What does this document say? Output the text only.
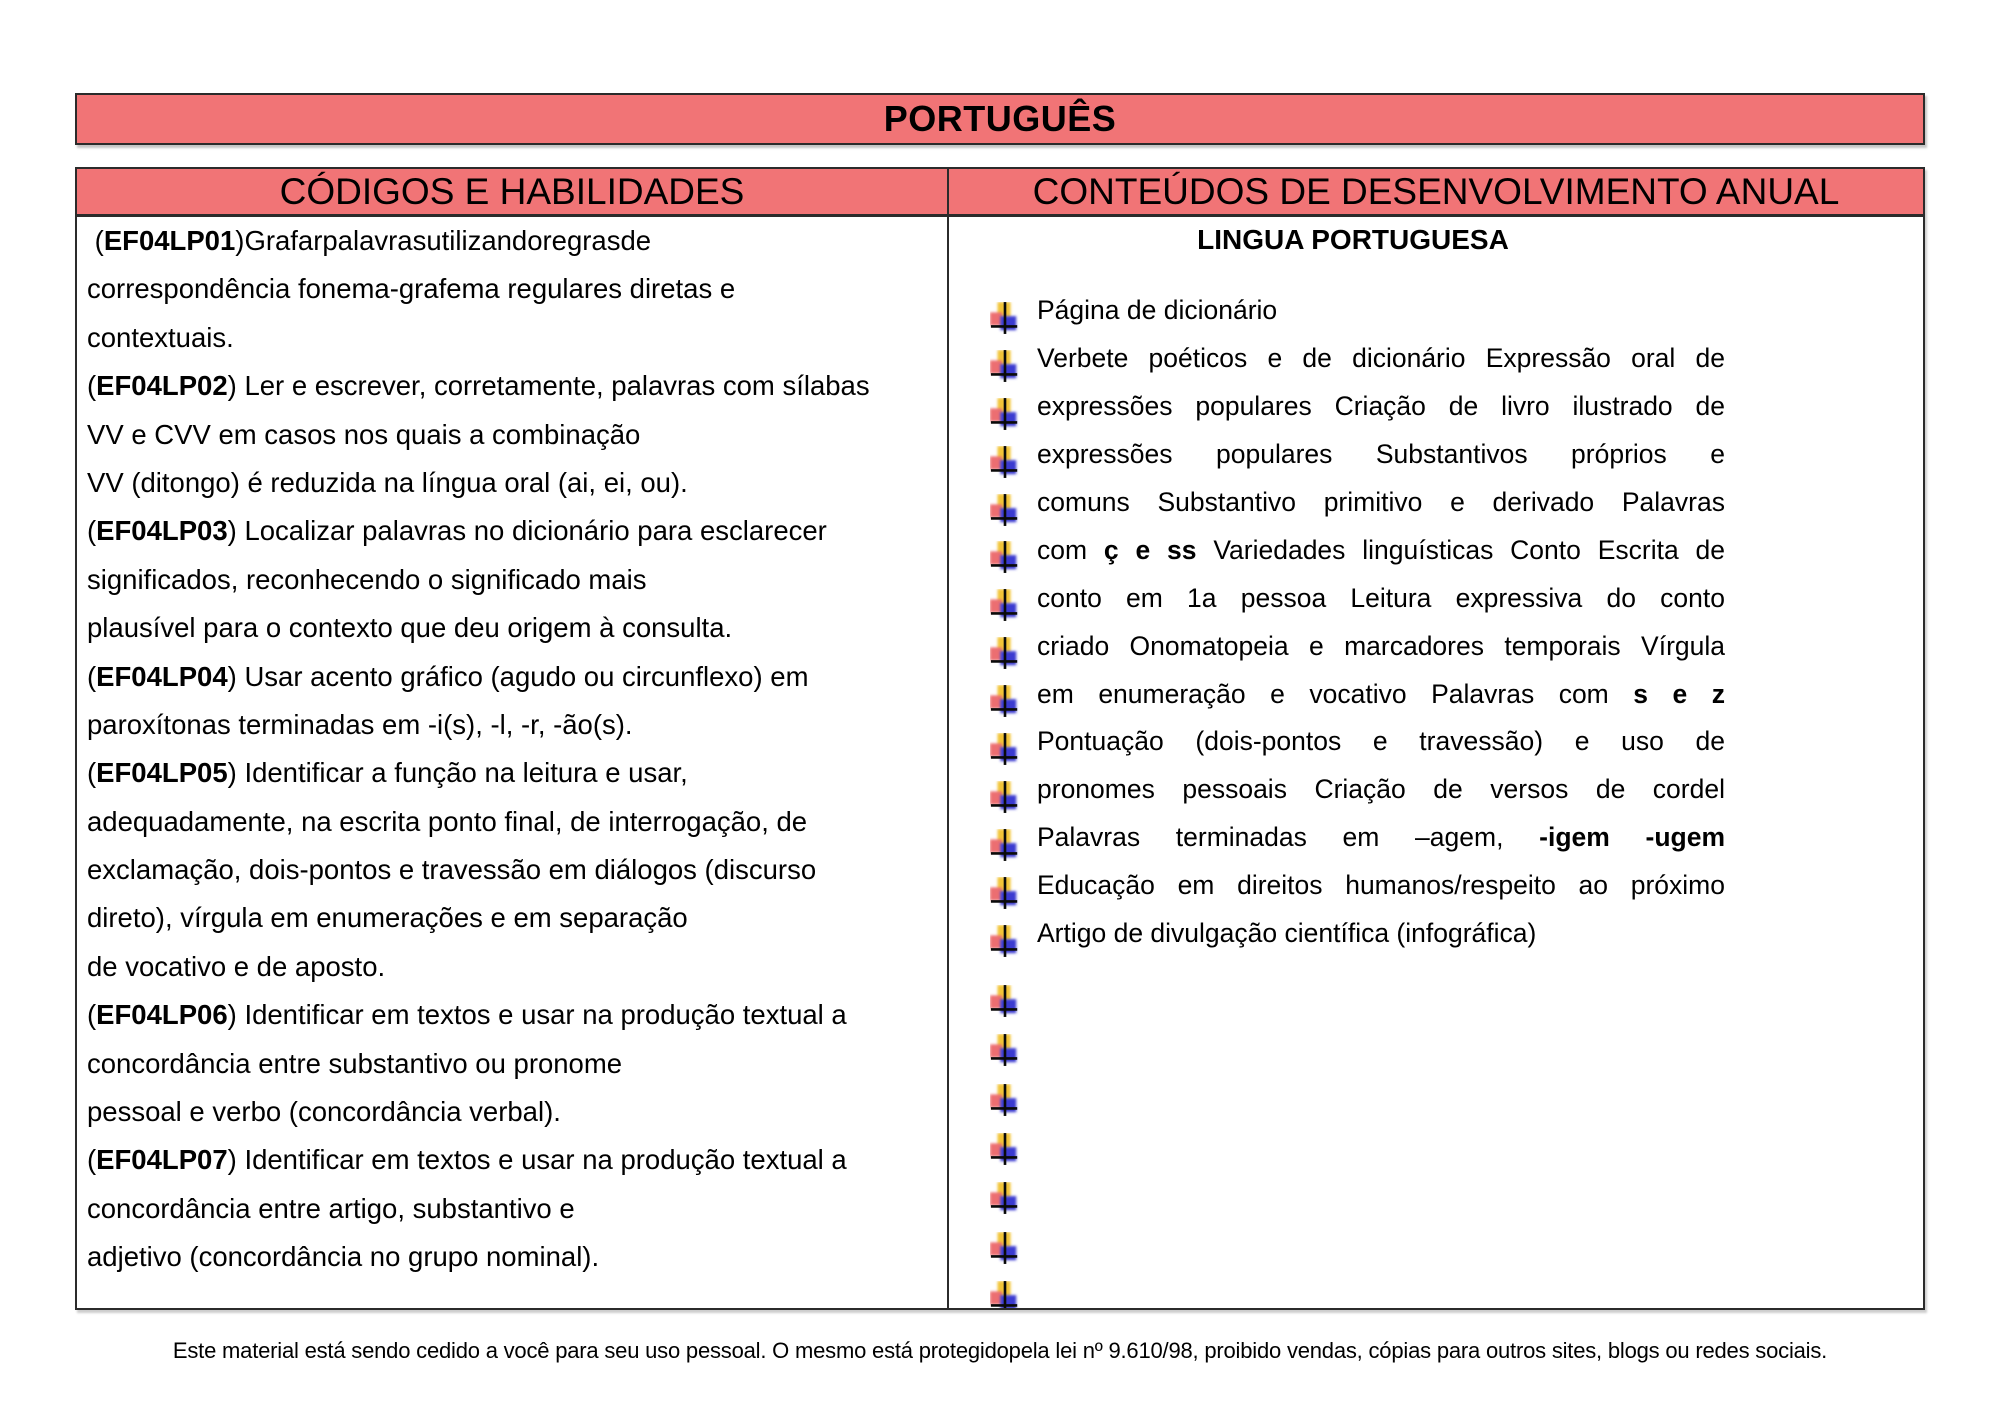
PORTUGUÊS
CÓDIGOS E HABILIDADES	CONTEÚDOS DE DESENVOLVIMENTO ANUAL
(EF04LP01)Grafarpalavrasutilizandoregrasde
correspondência fonema-grafema regulares diretas e
contextuais.
(EF04LP02) Ler e escrever, corretamente, palavras com sílabas
VV e CVV em casos nos quais a combinação
VV (ditongo) é reduzida na língua oral (ai, ei, ou).
(EF04LP03) Localizar palavras no dicionário para esclarecer
significados, reconhecendo o significado mais
plausível para o contexto que deu origem à consulta.
(EF04LP04) Usar acento gráfico (agudo ou circunflexo) em
paroxítonas terminadas em -i(s), -l, -r, -ão(s).
(EF04LP05) Identificar a função na leitura e usar,
adequadamente, na escrita ponto final, de interrogação, de
exclamação, dois-pontos e travessão em diálogos (discurso
direto), vírgula em enumerações e em separação
de vocativo e de aposto.
(EF04LP06) Identificar em textos e usar na produção textual a
concordância entre substantivo ou pronome
pessoal e verbo (concordância verbal).
(EF04LP07) Identificar em textos e usar na produção textual a
concordância entre artigo, substantivo e
adjetivo (concordância no grupo nominal).
LINGUA PORTUGUESA
Página de dicionário
Verbete poéticos e de dicionário Expressão oral de
expressões populares Criação de livro ilustrado de
expressões populares Substantivos próprios e
comuns Substantivo primitivo e derivado Palavras
com ç e ss Variedades linguísticas Conto Escrita de
conto em 1a pessoa Leitura expressiva do conto
criado Onomatopeia e marcadores temporais Vírgula
em enumeração e vocativo Palavras com s e z
Pontuação (dois-pontos e travessão) e uso de
pronomes pessoais Criação de versos de cordel
Palavras terminadas em –agem, -igem -ugem
Educação em direitos humanos/respeito ao próximo
Artigo de divulgação científica (infográfica)
Este material está sendo cedido a você para seu uso pessoal. O mesmo está protegidopela lei nº 9.610/98, proibido vendas, cópias para outros sites, blogs ou redes sociais.
